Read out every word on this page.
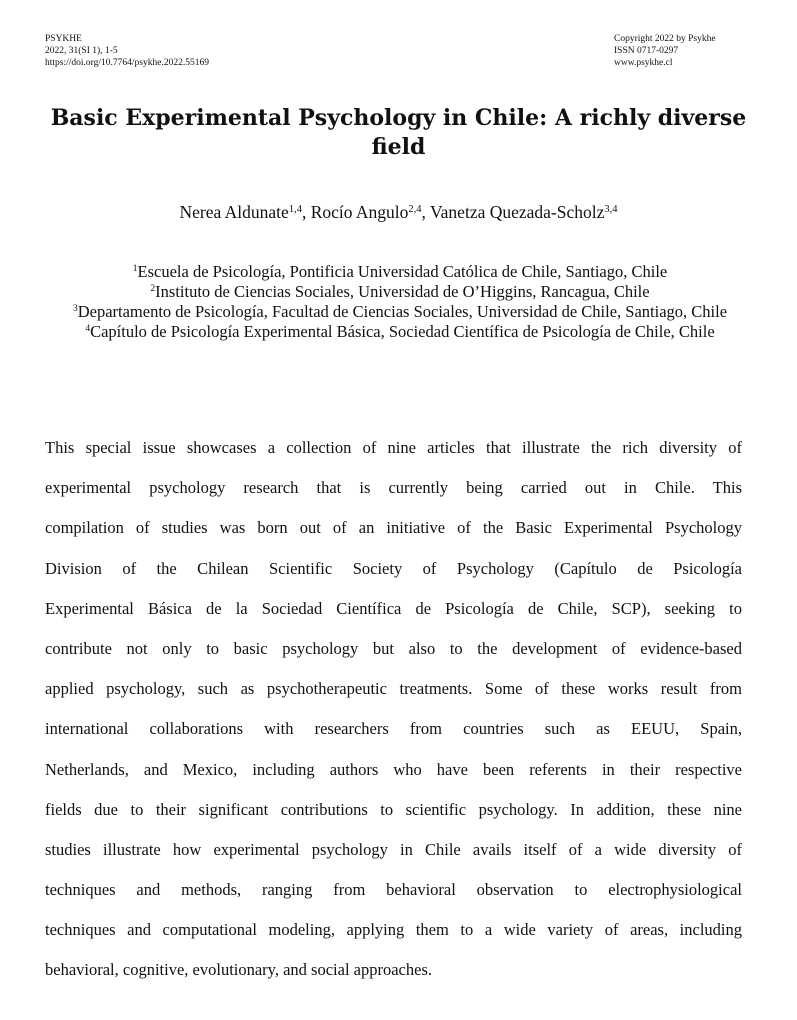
PSYKHE
2022, 31(SI 1), 1-5
https://doi.org/10.7764/psykhe.2022.55169
Copyright 2022 by Psykhe
ISSN 0717-0297
www.psykhe.cl
Basic Experimental Psychology in Chile: A richly diverse field
Nerea Aldunate$^{1,4}$, Rocío Angulo$^{2,4}$, Vanetza Quezada-Scholz$^{3,4}$
$^1$Escuela de Psicología, Pontificia Universidad Católica de Chile, Santiago, Chile
$^2$Instituto de Ciencias Sociales, Universidad de O’Higgins, Rancagua, Chile
$^3$Departamento de Psicología, Facultad de Ciencias Sociales, Universidad de Chile, Santiago, Chile
$^4$Capítulo de Psicología Experimental Básica, Sociedad Científica de Psicología de Chile, Chile
This special issue showcases a collection of nine articles that illustrate the rich diversity of
experimental psychology research that is currently being carried out in Chile. This
compilation of studies was born out of an initiative of the Basic Experimental Psychology
Division of the Chilean Scientific Society of Psychology (Capítulo de Psicología
Experimental Básica de la Sociedad Científica de Psicología de Chile, SCP), seeking to
contribute not only to basic psychology but also to the development of evidence-based
applied psychology, such as psychotherapeutic treatments. Some of these works result from
international collaborations with researchers from countries such as EEUU, Spain,
Netherlands, and Mexico, including authors who have been referents in their respective
fields due to their significant contributions to scientific psychology. In addition, these nine
studies illustrate how experimental psychology in Chile avails itself of a wide diversity of
techniques and methods, ranging from behavioral observation to electrophysiological
techniques and computational modeling, applying them to a wide variety of areas, including
behavioral, cognitive, evolutionary, and social approaches.
